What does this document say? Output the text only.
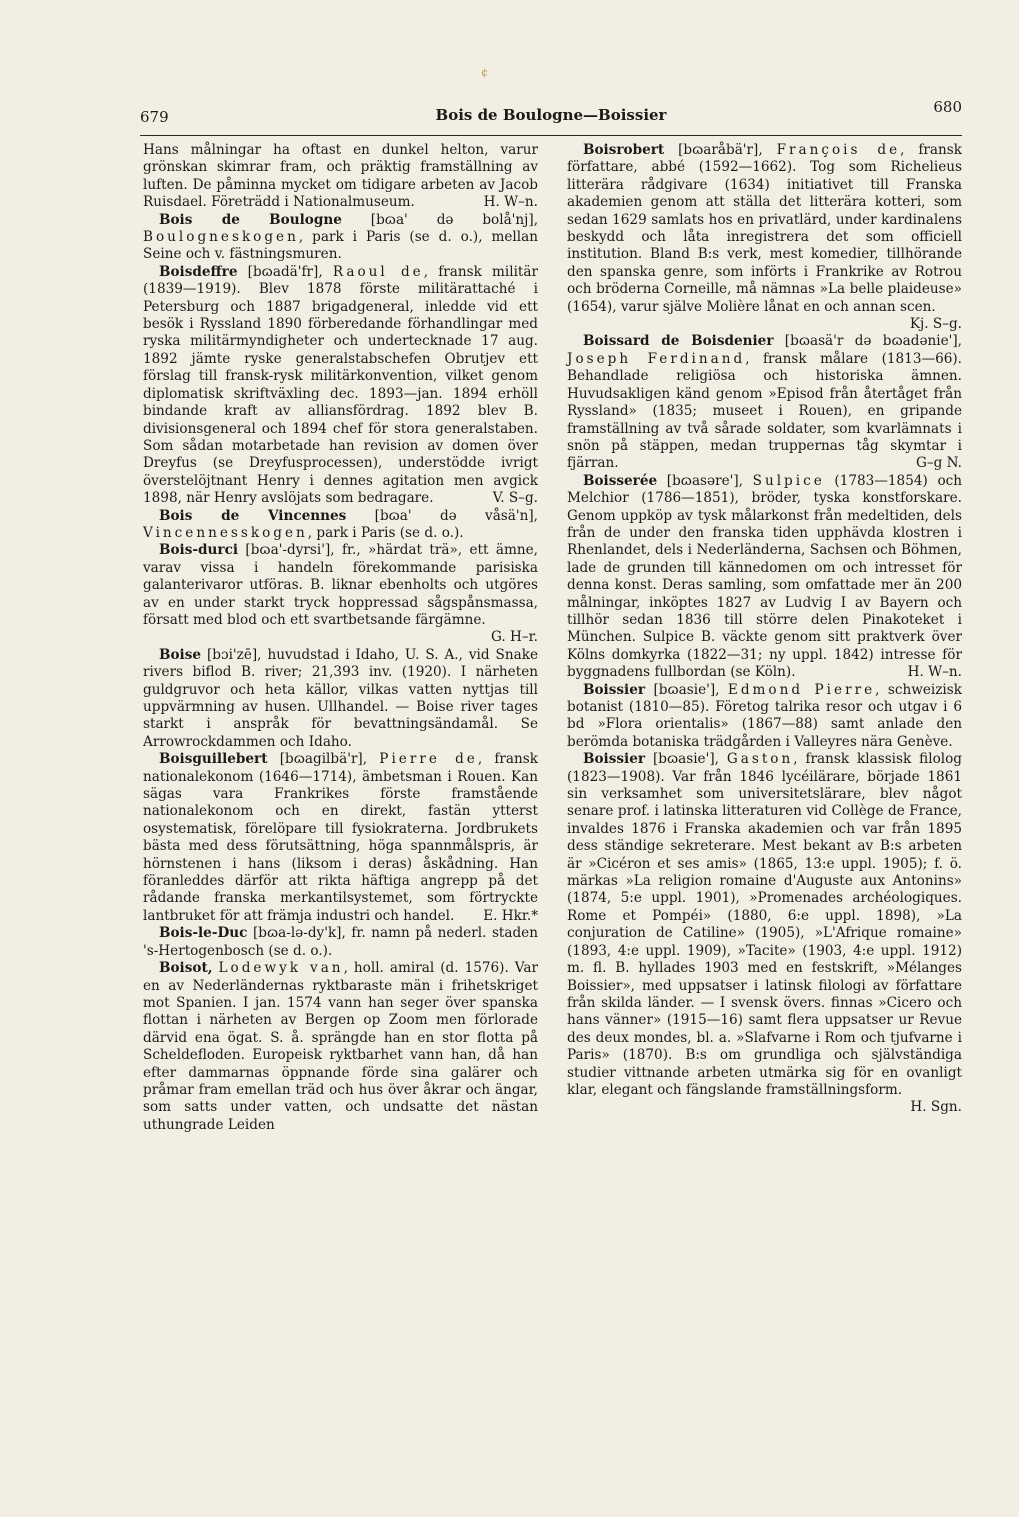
¢
679	Bois de Boulogne—Boissier	680

Hans målningar ha oftast en dunkel helton, varur grönskan skimrar fram, och präktig framställning av luften. De påminna mycket om tidigare arbeten av Jacob Ruisdael. Företrädd i Nationalmuseum.	H. W–n.

Bois de Boulogne [bɷa' də bolå'nj], Boulogneskogen, park i Paris (se d. o.), mellan Seine och v. fästningsmuren.

Boisdeffre [bɷadä'fr], Raoul de, fransk militär (1839—1919). Blev 1878 förste militärattaché i Petersburg och 1887 brigadgeneral, inledde vid ett besök i Ryssland 1890 förberedande förhandlingar med ryska militärmyndigheter och undertecknade 17 aug. 1892 jämte ryske generalstabschefen Obrutjev ett förslag till fransk-rysk militärkonvention, vilket genom diplomatisk skriftväxling dec. 1893—jan. 1894 erhöll bindande kraft av alliansfördrag. 1892 blev B. divisionsgeneral och 1894 chef för stora generalstaben. Som sådan motarbetade han revision av domen över Dreyfus (se Dreyfusprocessen), understödde ivrigt överstelöjtnant Henry i dennes agitation men avgick 1898, när Henry avslöjats som bedragare.	V. S–g.

Bois de Vincennes [bɷa' də våsä'n], Vincennesskogen, park i Paris (se d. o.).

Bois-durci [bɷa'-dyrsi'], fr., »härdat trä», ett ämne, varav vissa i handeln förekommande parisiska galanterivaror utföras. B. liknar ebenholts och utgöres av en under starkt tryck hoppressad sågspånsmassa, försatt med blod och ett svartbetsande färgämne.
G. H–r.

Boise [bɔi'zē], huvudstad i Idaho, U. S. A., vid Snake rivers biflod B. river; 21,393 inv. (1920). I närheten guldgruvor och heta källor, vilkas vatten nyttjas till uppvärmning av husen. Ullhandel. — Boise river tages starkt i anspråk för bevattningsändamål. Se Arrowrockdammen och Idaho.

Boisguillebert [bɷagilbä'r], Pierre de, fransk nationalekonom (1646—1714), ämbetsman i Rouen. Kan sägas vara Frankrikes förste framstående nationalekonom och en direkt, fastän ytterst osystematisk, förelöpare till fysiokraterna. Jordbrukets bästa med dess förutsättning, höga spannmålspris, är hörnstenen i hans (liksom i deras) åskådning. Han föranleddes därför att rikta häftiga angrepp på det rådande franska merkantilsystemet, som förtryckte lantbruket för att främja industri och handel.	E. Hkr.*

Bois-le-Duc [bɷa-lə-dy'k], fr. namn på nederl. staden 's-Hertogenbosch (se d. o.).

Boisot, Lodewyk van, holl. amiral (d. 1576). Var en av Nederländernas ryktbaraste män i frihetskriget mot Spanien. I jan. 1574 vann han seger över spanska flottan i närheten av Bergen op Zoom men förlorade därvid ena ögat. S. å. sprängde han en stor flotta på Scheldefloden. Europeisk ryktbarhet vann han, då han efter dammarnas öppnande förde sina galärer och pråmar fram emellan träd och hus över åkrar och ängar, som satts under vatten, och undsatte det nästan uthungrade Leiden

Boisrobert [bɷaråbä'r], François de, fransk författare, abbé (1592—1662). Tog som Richelieus litterära rådgivare (1634) initiativet till Franska akademien genom att ställa det litterära kotteri, som sedan 1629 samlats hos en privatlärd, under kardinalens beskydd och låta inregistrera det som officiell institution. Bland B:s verk, mest komedier, tillhörande den spanska genre, som införts i Frankrike av Rotrou och bröderna Corneille, må nämnas »La belle plaideuse» (1654), varur själve Molière lånat en och annan scen.
Kj. S–g.

Boissard de Boisdenier [bɷasä'r də bɷadənie'], Joseph Ferdinand, fransk målare (1813—66). Behandlade religiösa och historiska ämnen. Huvudsakligen känd genom »Episod från återtåget från Ryssland» (1835; museet i Rouen), en gripande framställning av två sårade soldater, som kvarlämnats i snön på stäppen, medan truppernas tåg skymtar i fjärran.	G–g N.

Boisserée [bɷasəre'], Sulpice (1783—1854) och Melchior (1786—1851), bröder, tyska konstforskare. Genom uppköp av tysk målarkonst från medeltiden, dels från de under den franska tiden upphävda klostren i Rhenlandet, dels i Nederländerna, Sachsen och Böhmen, lade de grunden till kännedomen om och intresset för denna konst. Deras samling, som omfattade mer än 200 målningar, inköptes 1827 av Ludvig I av Bayern och tillhör sedan 1836 till större delen Pinakoteket i München. Sulpice B. väckte genom sitt praktverk över Kölns domkyrka (1822—31; ny uppl. 1842) intresse för byggnadens fullbordan (se Köln).	H. W–n.

Boissier [bɷasie'], Edmond Pierre, schweizisk botanist (1810—85). Företog talrika resor och utgav i 6 bd »Flora orientalis» (1867—88) samt anlade den berömda botaniska trädgården i Valleyres nära Genève.

Boissier [bɷasie'], Gaston, fransk klassisk filolog (1823—1908). Var från 1846 lycéilärare, började 1861 sin verksamhet som universitetslärare, blev något senare prof. i latinska litteraturen vid Collège de France, invaldes 1876 i Franska akademien och var från 1895 dess ständige sekreterare. Mest bekant av B:s arbeten är »Cicéron et ses amis» (1865, 13:e uppl. 1905); f. ö. märkas »La religion romaine d'Auguste aux Antonins» (1874, 5:e uppl. 1901), »Promenades archéologiques. Rome et Pompéi» (1880, 6:e uppl. 1898), »La conjuration de Catiline» (1905), »L'Afrique romaine» (1893, 4:e uppl. 1909), »Tacite» (1903, 4:e uppl. 1912) m. fl. B. hyllades 1903 med en festskrift, »Mélanges Boissier», med uppsatser i latinsk filologi av författare från skilda länder. — I svensk övers. finnas »Cicero och hans vänner» (1915—16) samt flera uppsatser ur Revue des deux mondes, bl. a. »Slafvarne i Rom och tjufvarne i Paris» (1870). B:s om grundliga och självständiga studier vittnande arbeten utmärka sig för en ovanligt klar, elegant och fängslande framställningsform.
H. Sgn.
